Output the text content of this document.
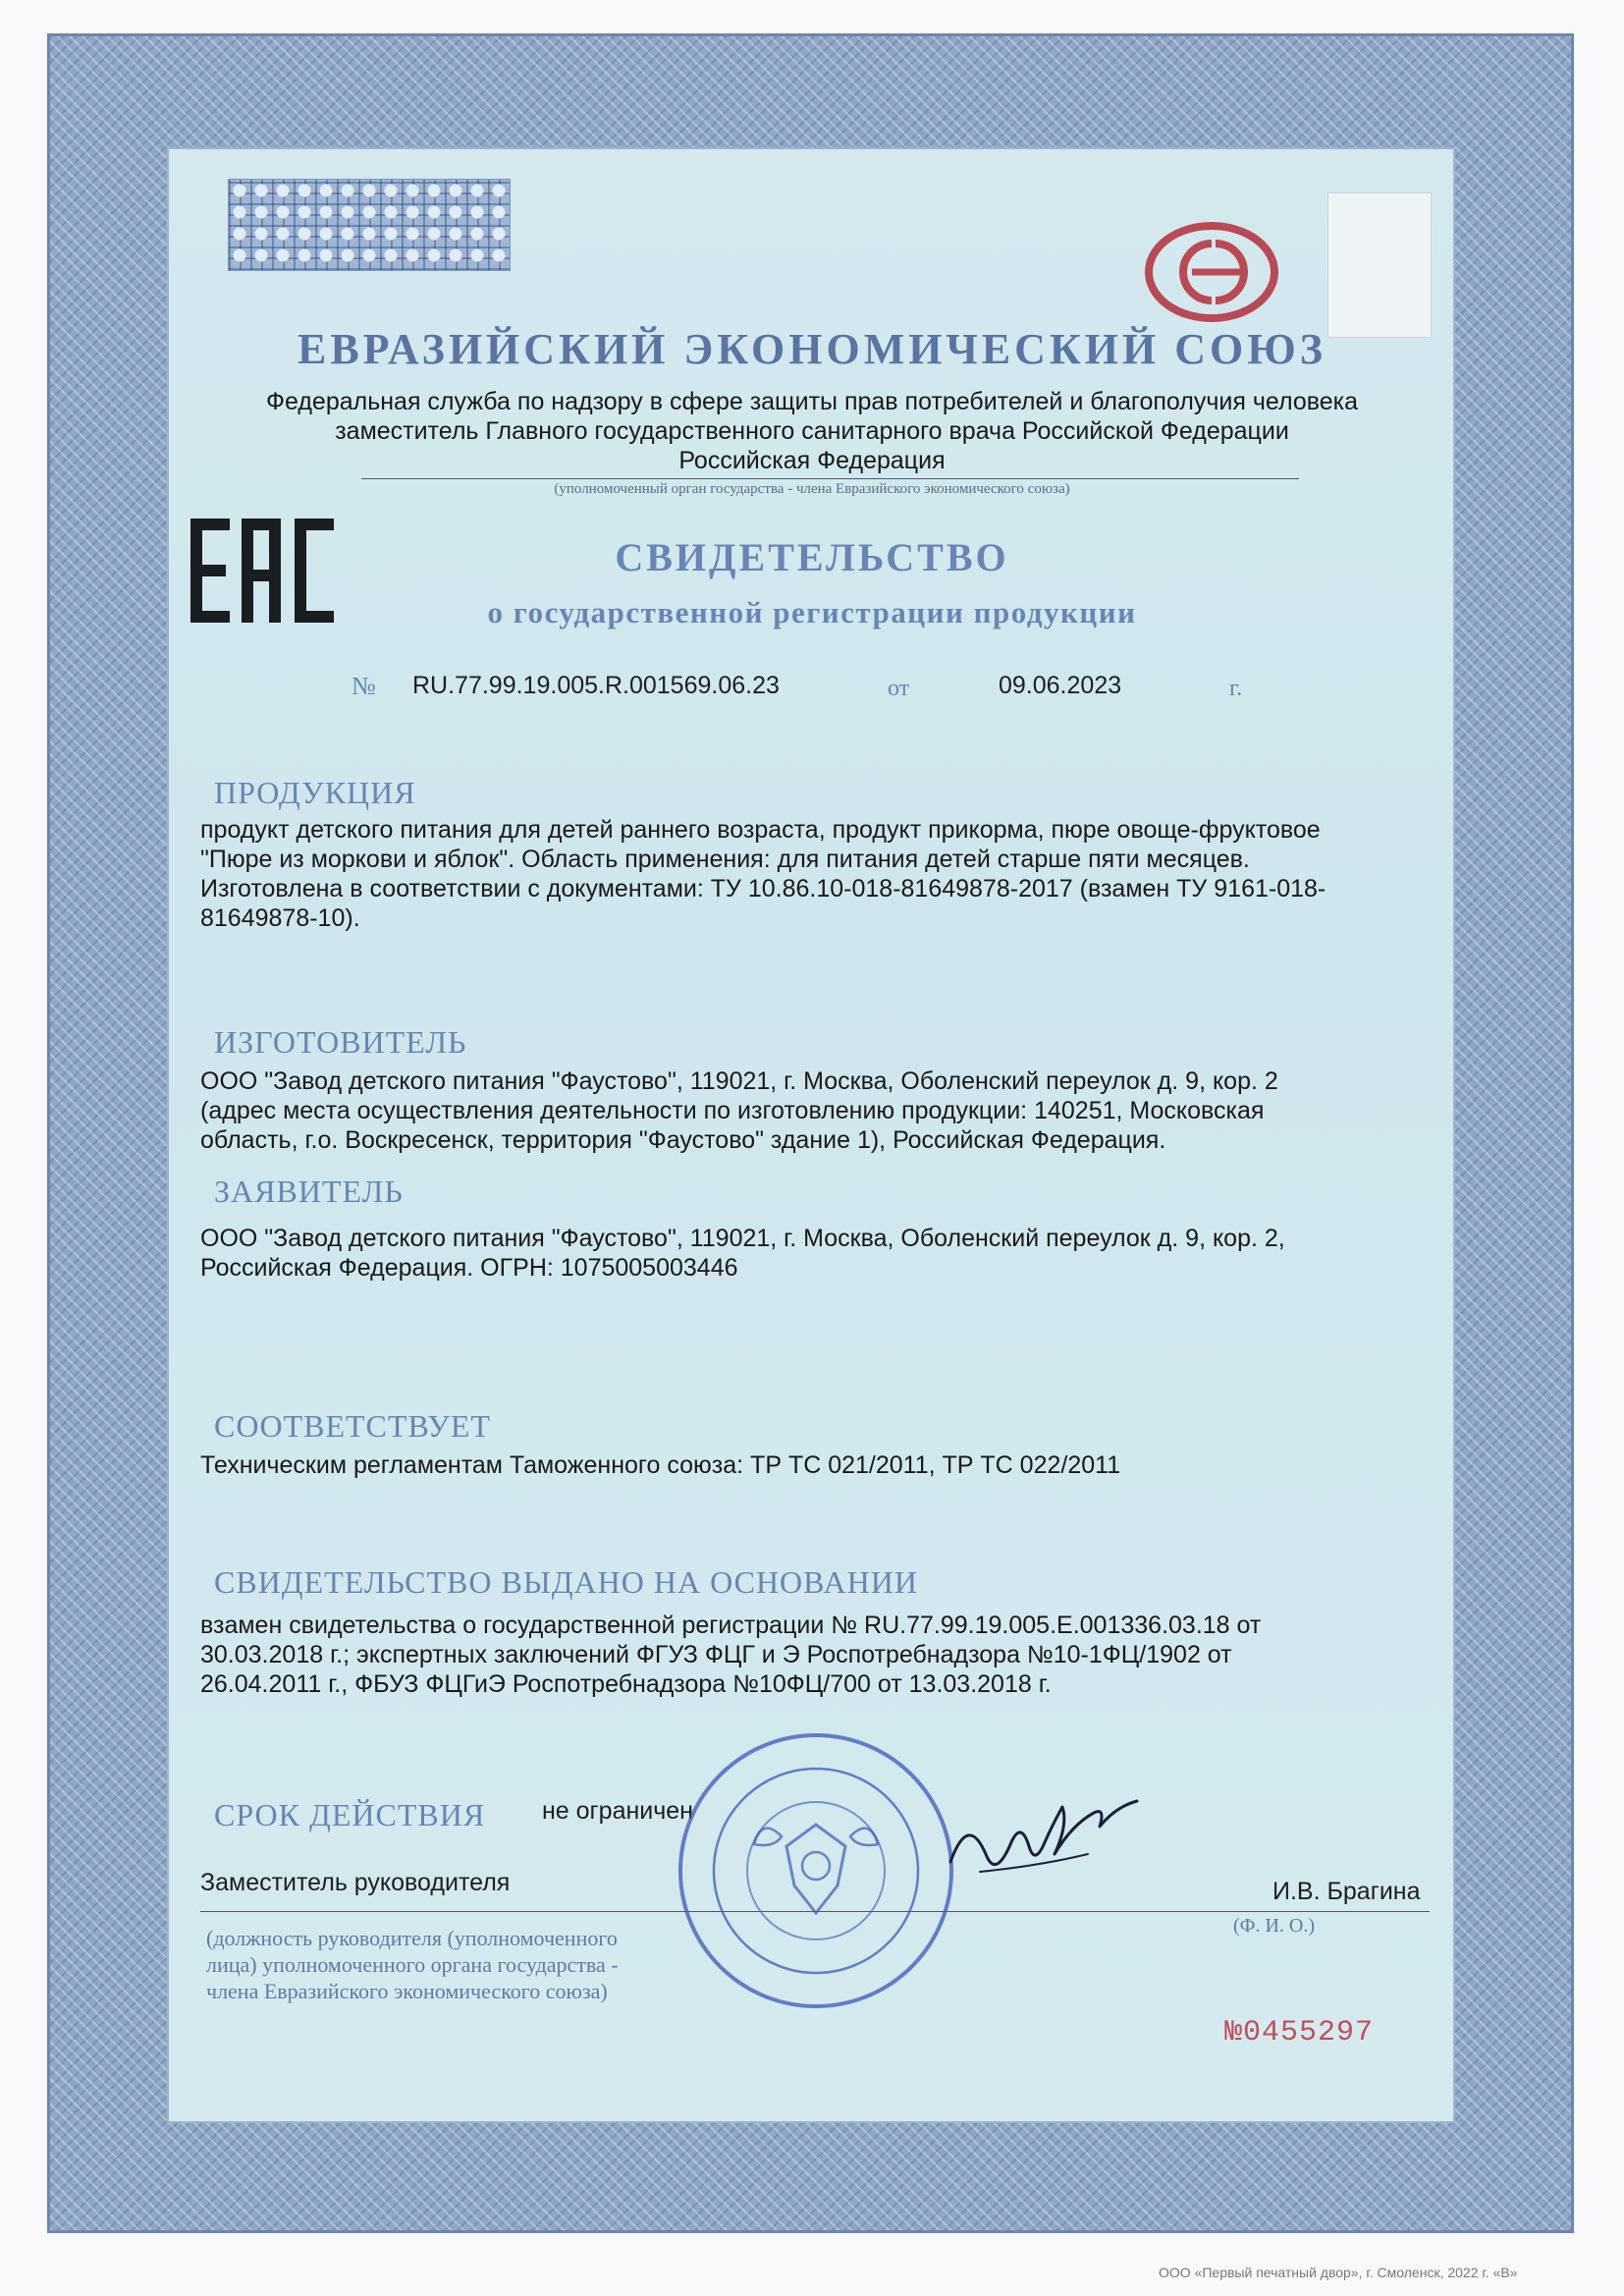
ЕВРАЗИЙСКИЙ ЭКОНОМИЧЕСКИЙ СОЮЗ
Федеральная служба по надзору в сфере защиты прав потребителей и благополучия человека
заместитель Главного государственного санитарного врача Российской Федерации
Российская Федерация
(уполномоченный орган государства - члена Евразийского экономического союза)
СВИДЕТЕЛЬСТВО
о государственной регистрации продукции
№ RU.77.99.19.005.R.001569.06.23	от	09.06.2023	г.
ПРОДУКЦИЯ
продукт детского питания для детей раннего возраста, продукт прикорма, пюре овоще-фруктовое
"Пюре из моркови и яблок". Область применения: для питания детей старше пяти месяцев.
Изготовлена в соответствии с документами: ТУ 10.86.10-018-81649878-2017 (взамен ТУ 9161-018-
81649878-10).
ИЗГОТОВИТЕЛЬ
ООО "Завод детского питания "Фаустово", 119021, г. Москва, Оболенский переулок д. 9, кор. 2
(адрес места осуществления деятельности по изготовлению продукции: 140251, Московская
область, г.о. Воскресенск, территория "Фаустово" здание 1), Российская Федерация.
ЗАЯВИТЕЛЬ
ООО "Завод детского питания "Фаустово", 119021, г. Москва, Оболенский переулок д. 9, кор. 2,
Российская Федерация. ОГРН: 1075005003446
СООТВЕТСТВУЕТ
Техническим регламентам Таможенного союза: ТР ТС 021/2011, ТР ТС 022/2011
СВИДЕТЕЛЬСТВО ВЫДАНО НА ОСНОВАНИИ
взамен свидетельства о государственной регистрации № RU.77.99.19.005.Е.001336.03.18 от
30.03.2018 г.; экспертных заключений ФГУЗ ФЦГ и Э Роспотребнадзора №10-1ФЦ/1902 от
26.04.2011 г., ФБУЗ ФЦГиЭ Роспотребнадзора №10ФЦ/700 от 13.03.2018 г.
СРОК ДЕЙСТВИЯ не ограничен
Заместитель руководителя	И.В. Брагина
(должность руководителя (уполномоченного
лица) уполномоченного органа государства -
члена Евразийского экономического союза)
(Ф. И. О.)
№0455297
ООО «Первый печатный двор», г. Смоленск, 2022 г. «В»
